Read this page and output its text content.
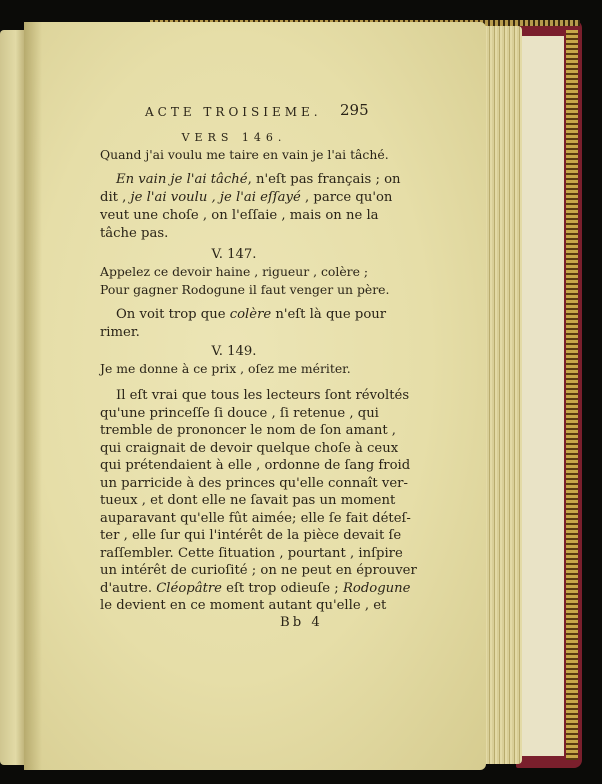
ACTE TROISIEME.	295
VERS 146.
Quand j'ai voulu me taire en vain je l'ai tâché.
En vain je l'ai tâché, n'eſt pas français ; on
dit , je l'ai voulu , je l'ai eſſayé , parce qu'on
veut une choſe , on l'eſſaie , mais on ne la
tâche pas.
V. 147.
Appelez ce devoir haine , rigueur , colère ;
Pour gagner Rodogune il faut venger un père.
On voit trop que colère n'eſt là que pour
rimer.
V. 149.
Je me donne à ce prix , oſez me mériter.
Il eſt vrai que tous les lecteurs ſont révoltés
qu'une princeſſe ſi douce , ſi retenue , qui
tremble de prononcer le nom de ſon amant ,
qui craignait de devoir quelque choſe à ceux
qui prétendaient à elle , ordonne de ſang froid
un parricide à des princes qu'elle connaît ver-
tueux , et dont elle ne ſavait pas un moment
auparavant qu'elle fût aimée; elle ſe fait déteſ-
ter , elle ſur qui l'intérêt de la pièce devait ſe
raſſembler. Cette ſituation , pourtant , inſpire
un intérêt de curioſité ; on ne peut en éprouver
d'autre. Cléopâtre eſt trop odieuſe ; Rodogune
le devient en ce moment autant qu'elle , et
Bb 4
